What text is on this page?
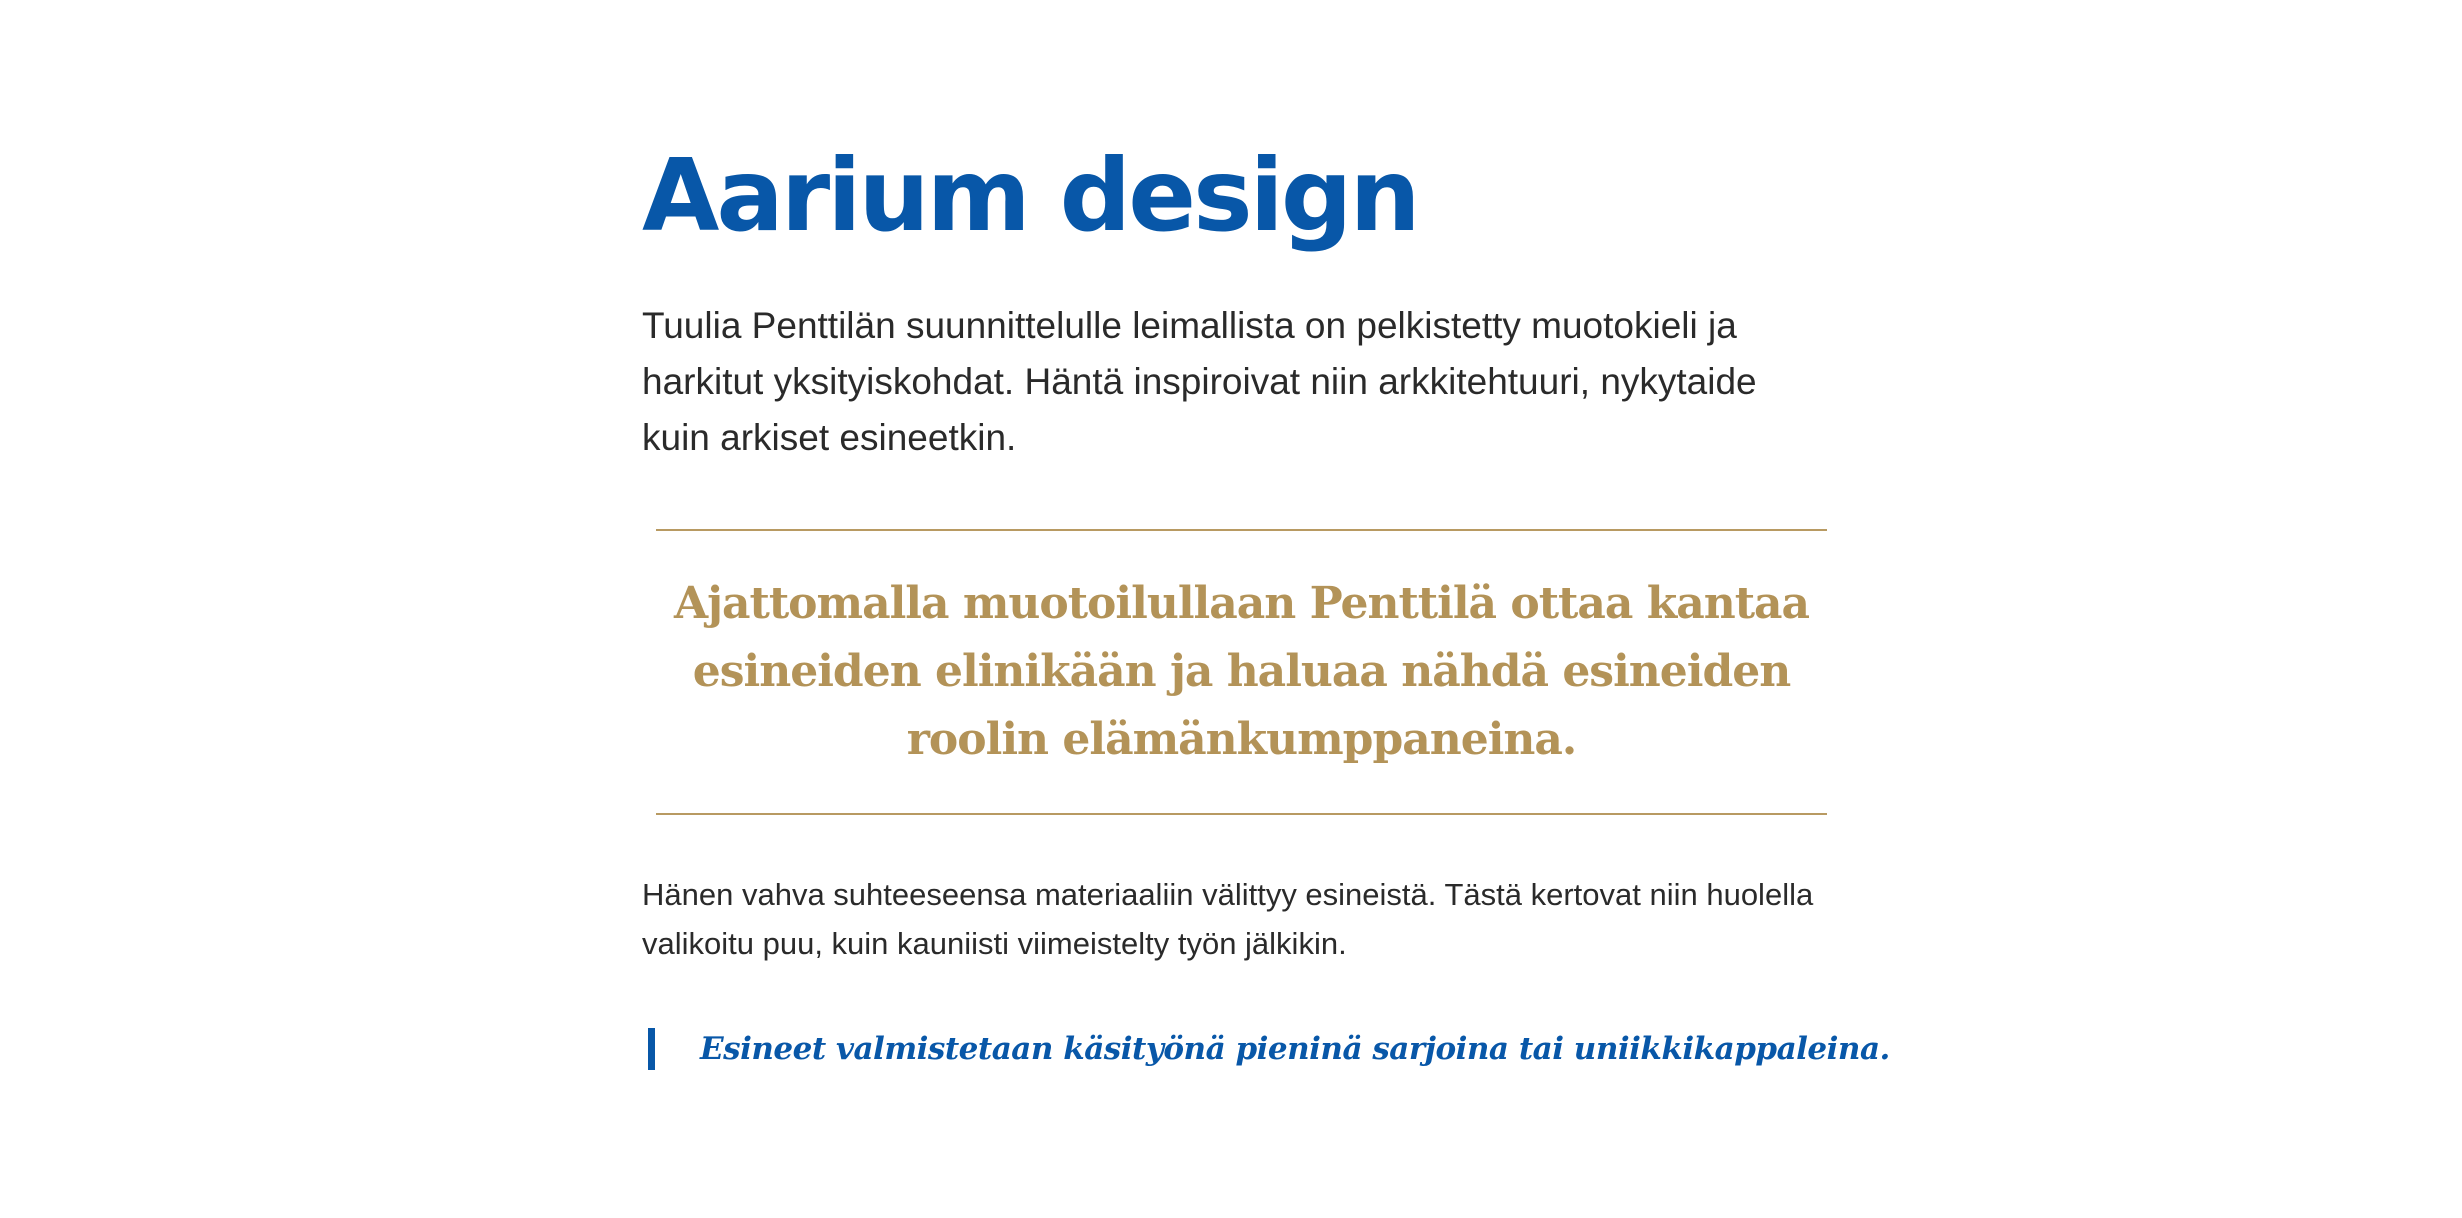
Aarium design

Tuulia Penttilän suunnittelulle leimallista on pelkistetty muotokieli ja harkitut yksityiskohdat. Häntä inspiroivat niin arkkitehtuuri, nykytaide kuin arkiset esineetkin.

Ajattomalla muotoilullaan Penttilä ottaa kantaa esineiden elinikään ja haluaa nähdä esineiden roolin elämänkumppaneina.

Hänen vahva suhteeseensa materiaaliin välittyy esineistä. Tästä kertovat niin huolella valikoitu puu, kuin kauniisti viimeistelty työn jälkikin.

Esineet valmistetaan käsityönä pieninä sarjoina tai uniikkikappaleina.
